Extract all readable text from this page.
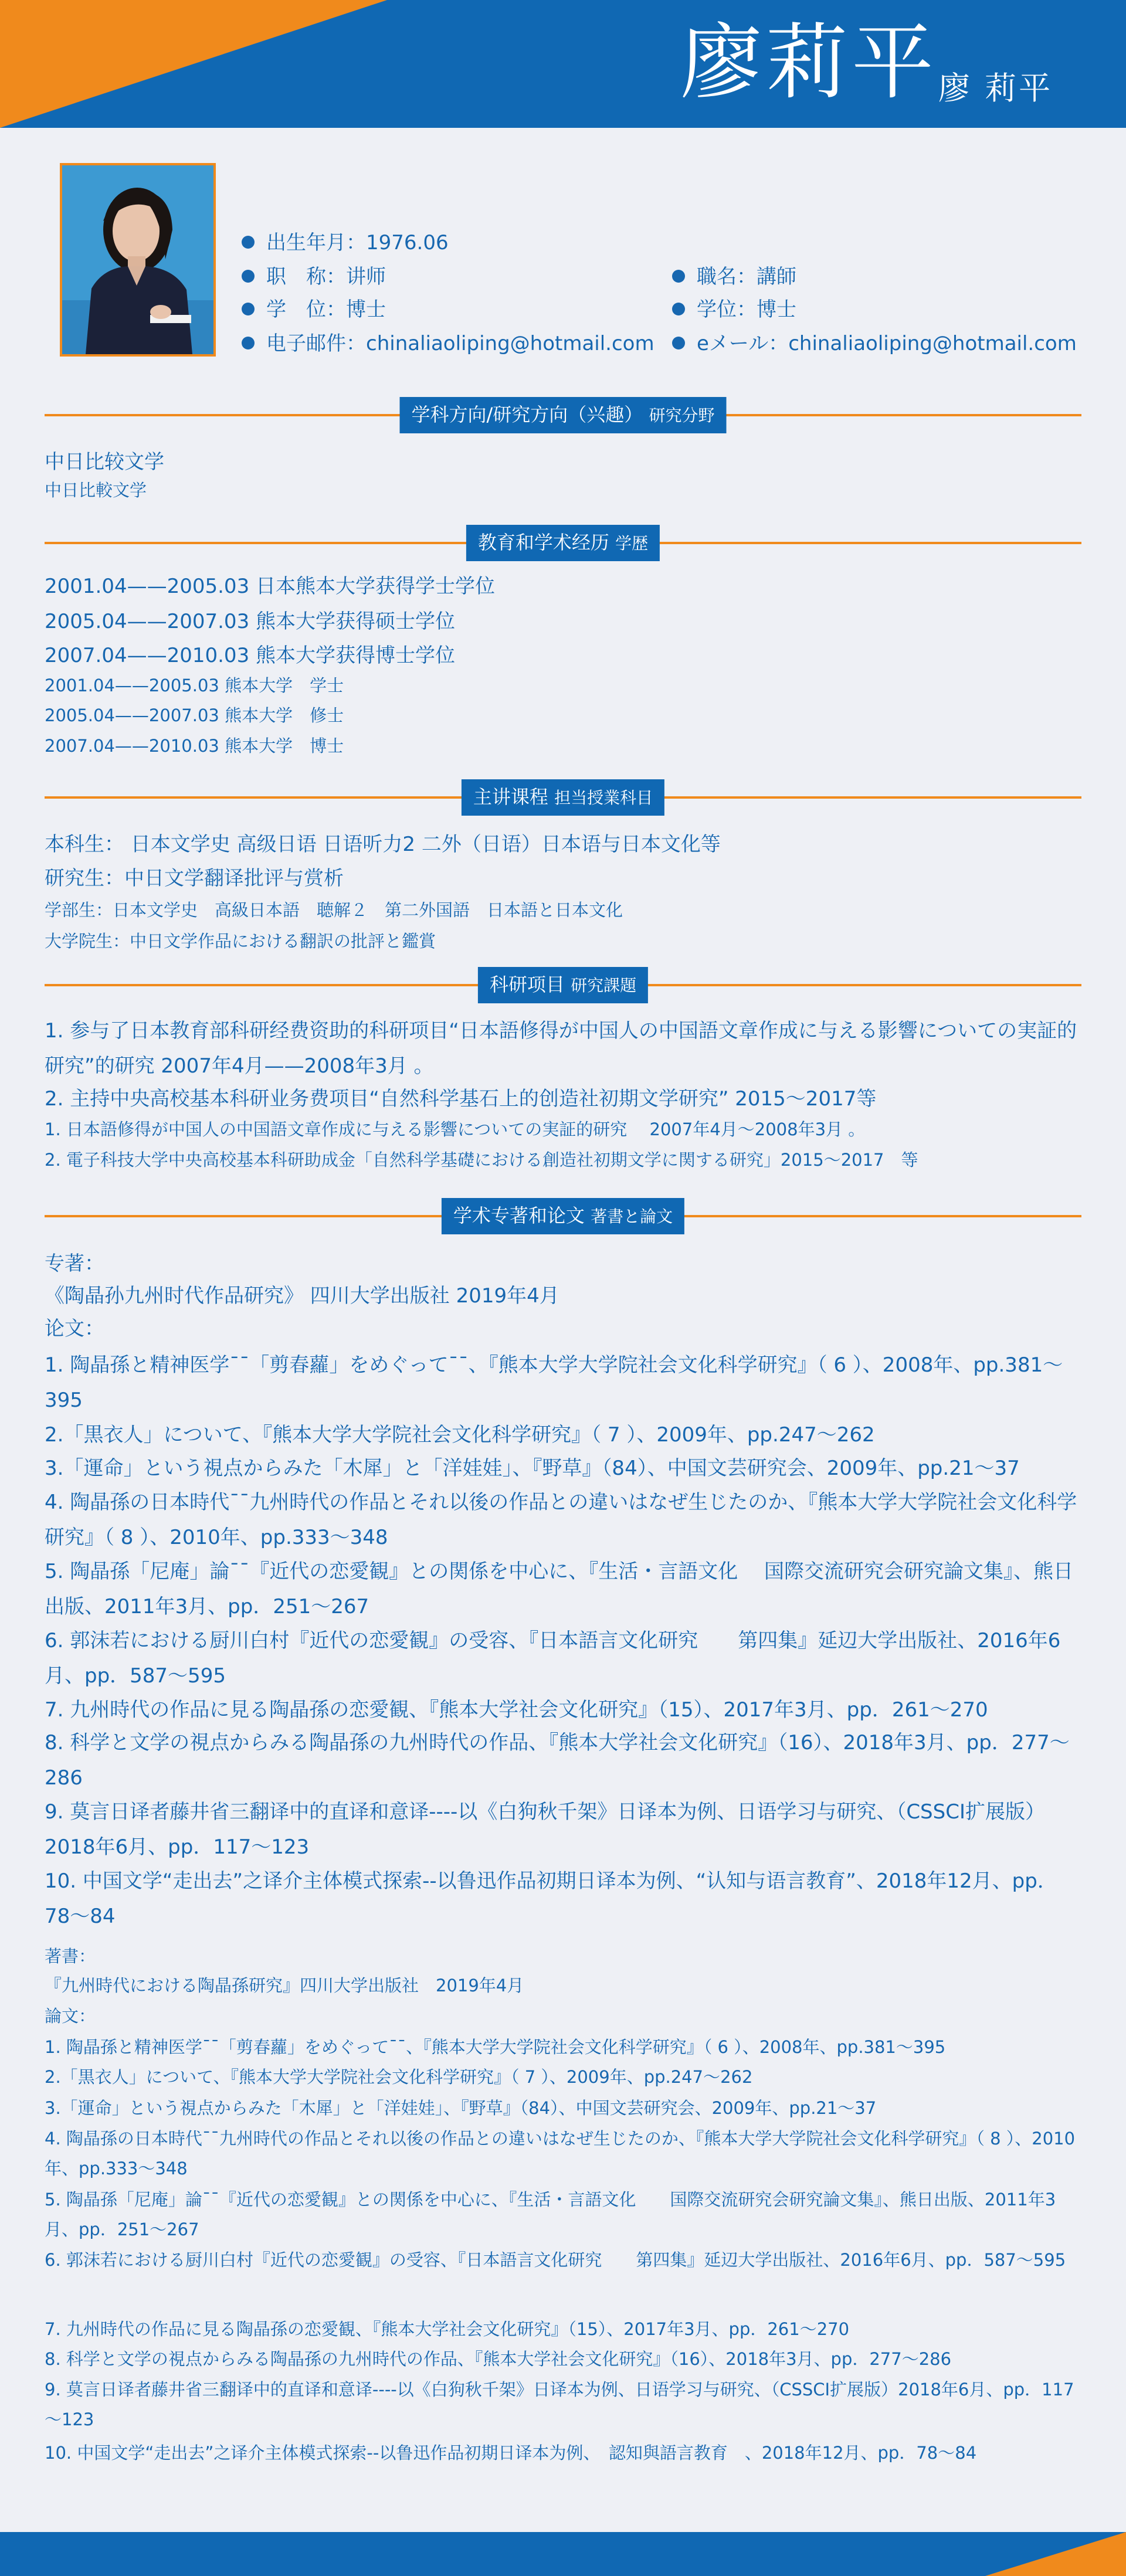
廖莉平 廖 莉平
出生年月：1976.06
职　称：讲师	職名：講師
学　位：博士	学位：博士
电子邮件：chinaliaoliping@hotmail.com	eメール：chinaliaoliping@hotmail.com
学科方向/研究方向（兴趣） 研究分野
中日比较文学
中日比較文学
教育和学术经历 学歴
2001.04——2005.03 日本熊本大学获得学士学位
2005.04——2007.03 熊本大学获得硕士学位
2007.04——2010.03 熊本大学获得博士学位
2001.04——2005.03 熊本大学　学士
2005.04——2007.03 熊本大学　修士
2007.04——2010.03 熊本大学　博士
主讲课程 担当授業科目
本科生： 日本文学史 高级日语 日语听力2 二外（日语）日本语与日本文化等
研究生：中日文学翻译批评与赏析
学部生：日本文学史　高級日本語　聴解２　第二外国語　日本語と日本文化
大学院生：中日文学作品における翻訳の批評と鑑賞
科研项目 研究課題
1. 参与了日本教育部科研经费资助的科研项目“日本語修得が中国人の中国語文章作成に与える影響についての実証的研究”的研究 2007年4月——2008年3月 。
2. 主持中央高校基本科研业务费项目“自然科学基石上的创造社初期文学研究” 2015～2017等
1. 日本語修得が中国人の中国語文章作成に与える影響についての実証的研究　 2007年4月～2008年3月 。
2. 電子科技大学中央高校基本科研助成金「自然科学基礎における創造社初期文学に関する研究」2015～2017　等
学术专著和论文 著書と論文
专著：
《陶晶孙九州时代作品研究》 四川大学出版社 2019年4月
论文：
1. 陶晶孫と精神医学¯¯「剪春蘿」をめぐって¯¯、『熊本大学大学院社会文化科学研究』（ 6 ）、2008年、pp.381～395
2.「黒衣人」について、『熊本大学大学院社会文化科学研究』（ 7 ）、2009年、pp.247～262
3.「運命」という視点からみた「木犀」と「洋娃娃」、『野草』（84）、中国文芸研究会、2009年、pp.21～37
4. 陶晶孫の日本時代¯¯九州時代の作品とそれ以後の作品との違いはなぜ生じたのか、『熊本大学大学院社会文化科学研究』（ 8 ）、2010年、pp.333～348
5. 陶晶孫「尼庵」論¯¯『近代の恋愛観』との関係を中心に、『生活・言語文化　 国際交流研究会研究論文集』、熊日出版、2011年3月、pp．251～267
6. 郭沫若における厨川白村『近代の恋愛観』の受容、『日本語言文化研究　　第四集』延辺大学出版社、2016年6月、pp．587～595
7. 九州時代の作品に見る陶晶孫の恋愛観、『熊本大学社会文化研究』（15）、2017年3月、pp．261～270
8. 科学と文学の視点からみる陶晶孫の九州時代の作品、『熊本大学社会文化研究』（16）、2018年3月、pp．277～286
9. 莫言日译者藤井省三翻译中的直译和意译----以《白狗秋千架》日译本为例、日语学习与研究、（CSSCI扩展版）2018年6月、pp．117～123
10. 中国文学“走出去”之译介主体模式探索--以鲁迅作品初期日译本为例、“认知与语言教育”、2018年12月、pp．78～84
著書：
『九州時代における陶晶孫研究』四川大学出版社　2019年4月
論文：
1. 陶晶孫と精神医学¯¯「剪春蘿」をめぐって¯¯、『熊本大学大学院社会文化科学研究』（ 6 ）、2008年、pp.381～395
2.「黒衣人」について、『熊本大学大学院社会文化科学研究』（ 7 ）、2009年、pp.247～262
3.「運命」という視点からみた「木犀」と「洋娃娃」、『野草』（84）、中国文芸研究会、2009年、pp.21～37
4. 陶晶孫の日本時代¯¯九州時代の作品とそれ以後の作品との違いはなぜ生じたのか、『熊本大学大学院社会文化科学研究』（ 8 ）、2010年、pp.333～348
5. 陶晶孫「尼庵」論¯¯『近代の恋愛観』との関係を中心に、『生活・言語文化　　国際交流研究会研究論文集』、熊日出版、2011年3月、pp．251～267
6. 郭沫若における厨川白村『近代の恋愛観』の受容、『日本語言文化研究　　第四集』延辺大学出版社、2016年6月、pp．587～595
7. 九州時代の作品に見る陶晶孫の恋愛観、『熊本大学社会文化研究』（15）、2017年3月、pp．261～270
8. 科学と文学の視点からみる陶晶孫の九州時代の作品、『熊本大学社会文化研究』（16）、2018年3月、pp．277～286
9. 莫言日译者藤井省三翻译中的直译和意译----以《白狗秋千架》日译本为例、日语学习与研究、（CSSCI扩展版）2018年6月、pp．117～123
10. 中国文学“走出去”之译介主体模式探索--以鲁迅作品初期日译本为例、　認知與語言教育　、2018年12月、pp．78～84
